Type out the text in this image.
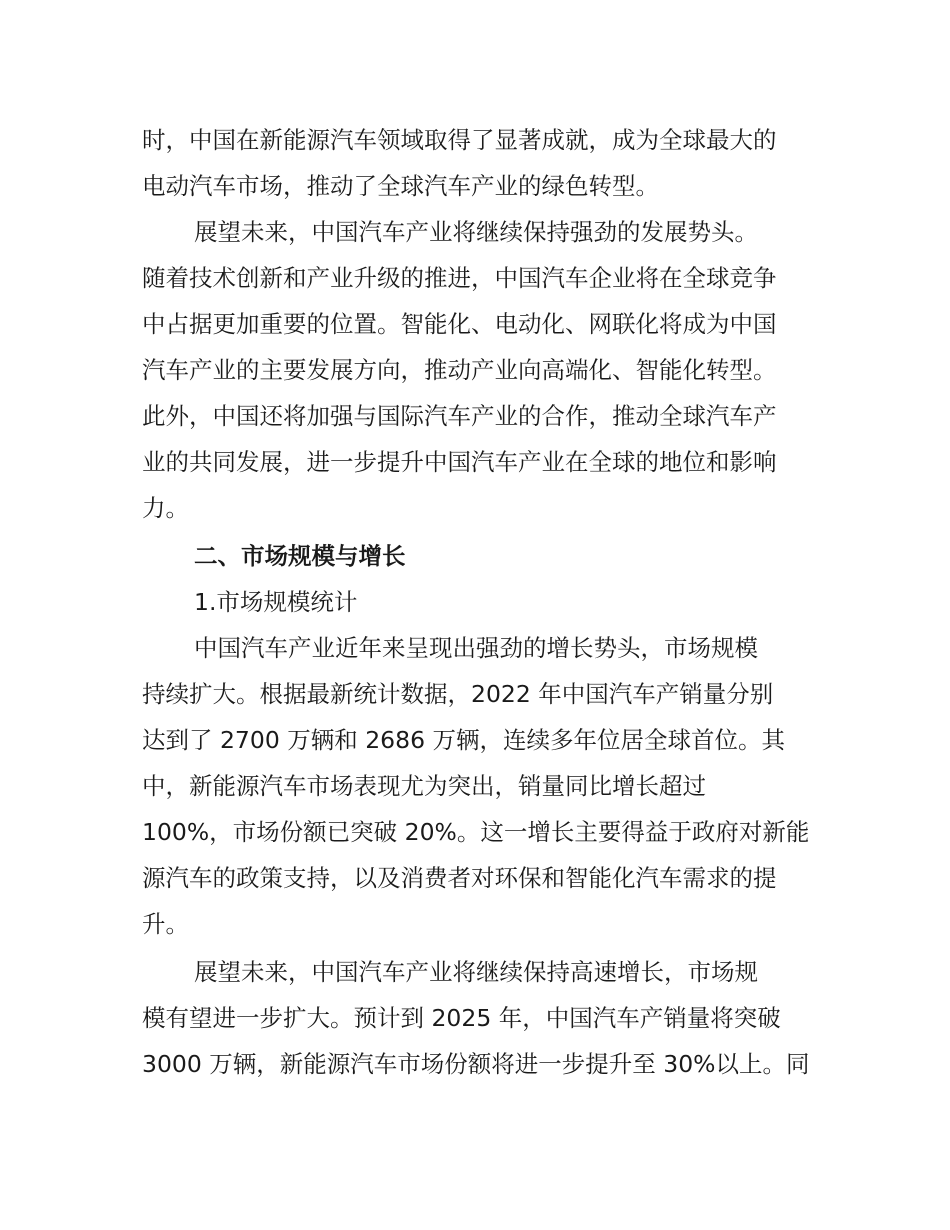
时，中国在新能源汽车领域取得了显著成就，成为全球最大的
电动汽车市场，推动了全球汽车产业的绿色转型。
展望未来，中国汽车产业将继续保持强劲的发展势头。
随着技术创新和产业升级的推进，中国汽车企业将在全球竞争
中占据更加重要的位置。智能化、电动化、网联化将成为中国
汽车产业的主要发展方向，推动产业向高端化、智能化转型。
此外，中国还将加强与国际汽车产业的合作，推动全球汽车产
业的共同发展，进一步提升中国汽车产业在全球的地位和影响
力。
二、市场规模与增长
1.市场规模统计
中国汽车产业近年来呈现出强劲的增长势头，市场规模
持续扩大。根据最新统计数据，2022 年中国汽车产销量分别
达到了 2700 万辆和 2686 万辆，连续多年位居全球首位。其
中，新能源汽车市场表现尤为突出，销量同比增长超过
100%，市场份额已突破 20%。这一增长主要得益于政府对新能
源汽车的政策支持，以及消费者对环保和智能化汽车需求的提
升。
展望未来，中国汽车产业将继续保持高速增长，市场规
模有望进一步扩大。预计到 2025 年，中国汽车产销量将突破
3000 万辆，新能源汽车市场份额将进一步提升至 30%以上。同
